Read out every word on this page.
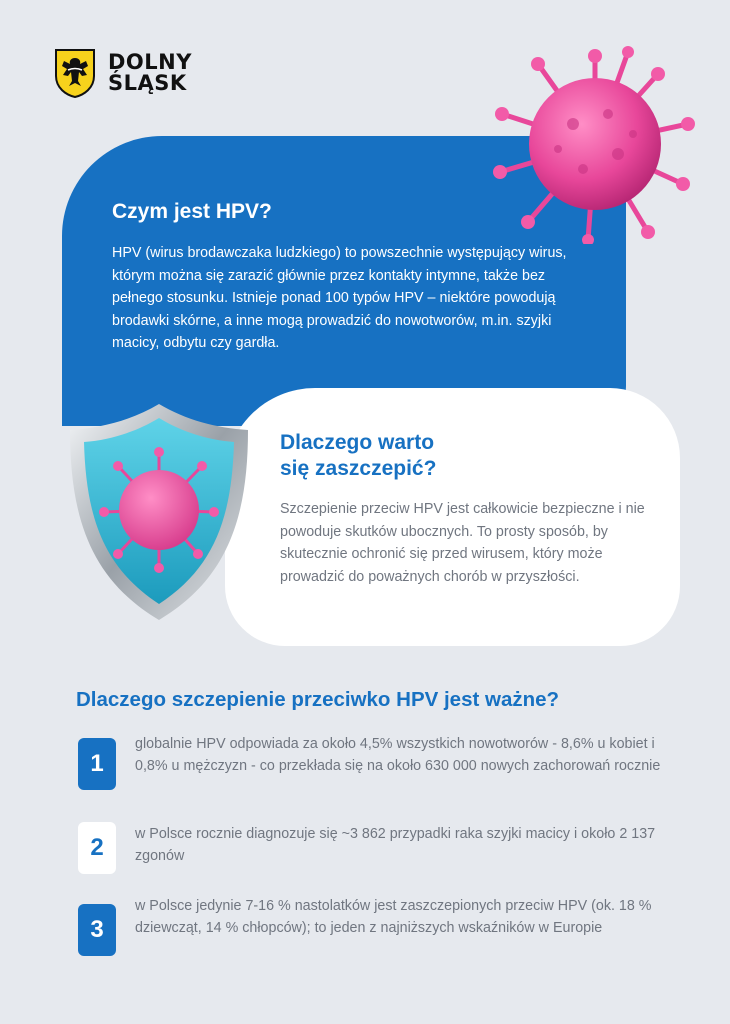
DOLNY
ŚLĄSK
Czym jest HPV?
HPV (wirus brodawczaka ludzkiego) to powszechnie występujący wirus, którym można się zarazić głównie przez kontakty intymne, także bez pełnego stosunku. Istnieje ponad 100 typów HPV – niektóre powodują brodawki skórne, a inne mogą prowadzić do nowotworów, m.in. szyjki macicy, odbytu czy gardła.
Dlaczego warto
się zaszczepić?
Szczepienie przeciw HPV jest całkowicie bezpieczne i nie powoduje skutków ubocznych. To prosty sposób, by skutecznie ochronić się przed wirusem, który może prowadzić do poważnych chorób w przyszłości.
Dlaczego szczepienie przeciwko HPV jest ważne?
1
globalnie HPV odpowiada za około 4,5% wszystkich nowotworów - 8,6% u kobiet i 0,8% u mężczyzn - co przekłada się na około 630 000 nowych zachorowań rocznie
2	w Polsce rocznie diagnozuje się ~3 862 przypadki raka szyjki macicy i około 2 137 zgonów
3
w Polsce jedynie 7-16 % nastolatków jest zaszczepionych przeciw HPV (ok. 18 % dziewcząt, 14 % chłopców); to jeden z najniższych wskaźników w Europie
